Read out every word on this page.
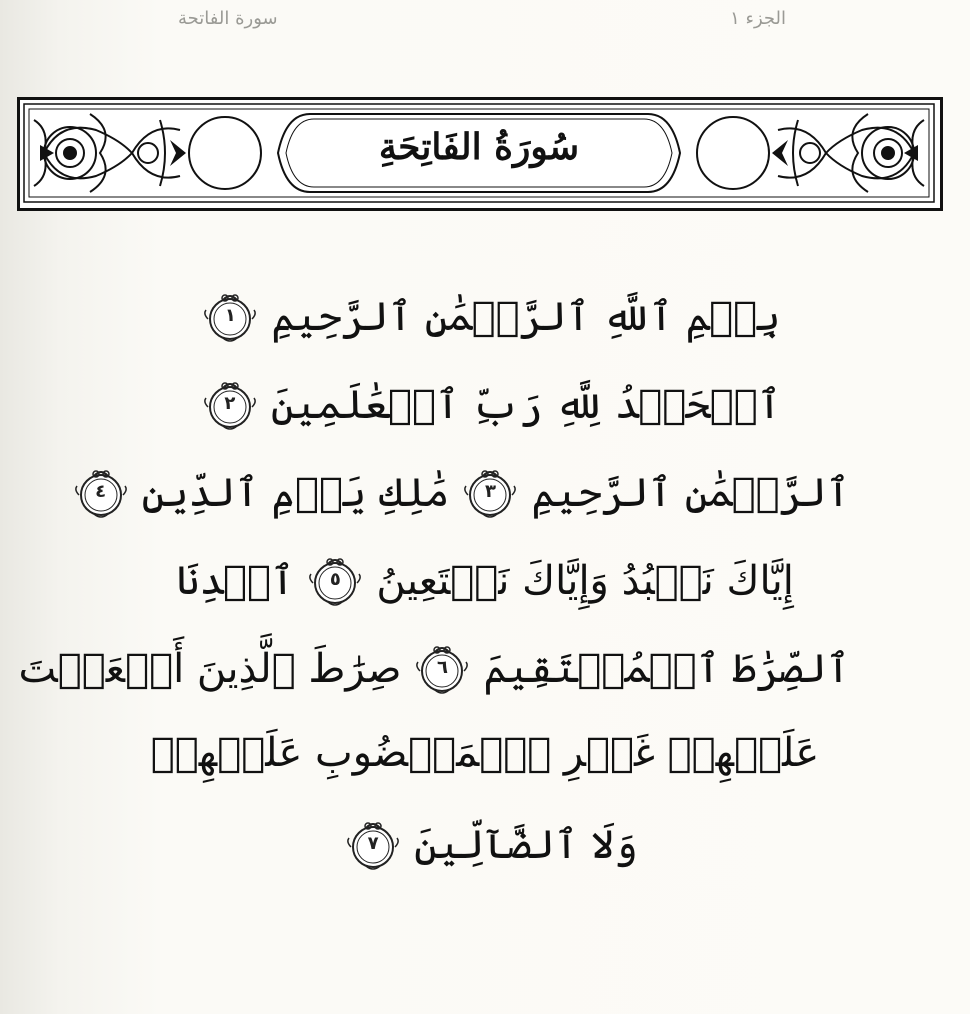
سورة الفاتحة	الجزء ١
سُورَةُ الفَاتِحَةِ
بِسۡمِ ٱللَّهِ ٱلرَّحۡمَٰنِ ٱلرَّحِيمِ
١
ٱلۡحَمۡدُ لِلَّهِ رَبِّ ٱلۡعَٰلَمِينَ
٢
ٱلرَّحۡمَٰنِ ٱلرَّحِيمِ
٣
مَٰلِكِ يَوۡمِ ٱلدِّينِ
٤
إِيَّاكَ نَعۡبُدُ وَإِيَّاكَ نَسۡتَعِينُ
٥
ٱهۡدِنَا
ٱلصِّرَٰطَ ٱلۡمُسۡتَقِيمَ
٦
صِرَٰطَ ٱلَّذِينَ أَنۡعَمۡتَ
عَلَيۡهِمۡ غَيۡرِ ٱلۡمَغۡضُوبِ عَلَيۡهِمۡ
وَلَا ٱلضَّآلِّينَ
٧
